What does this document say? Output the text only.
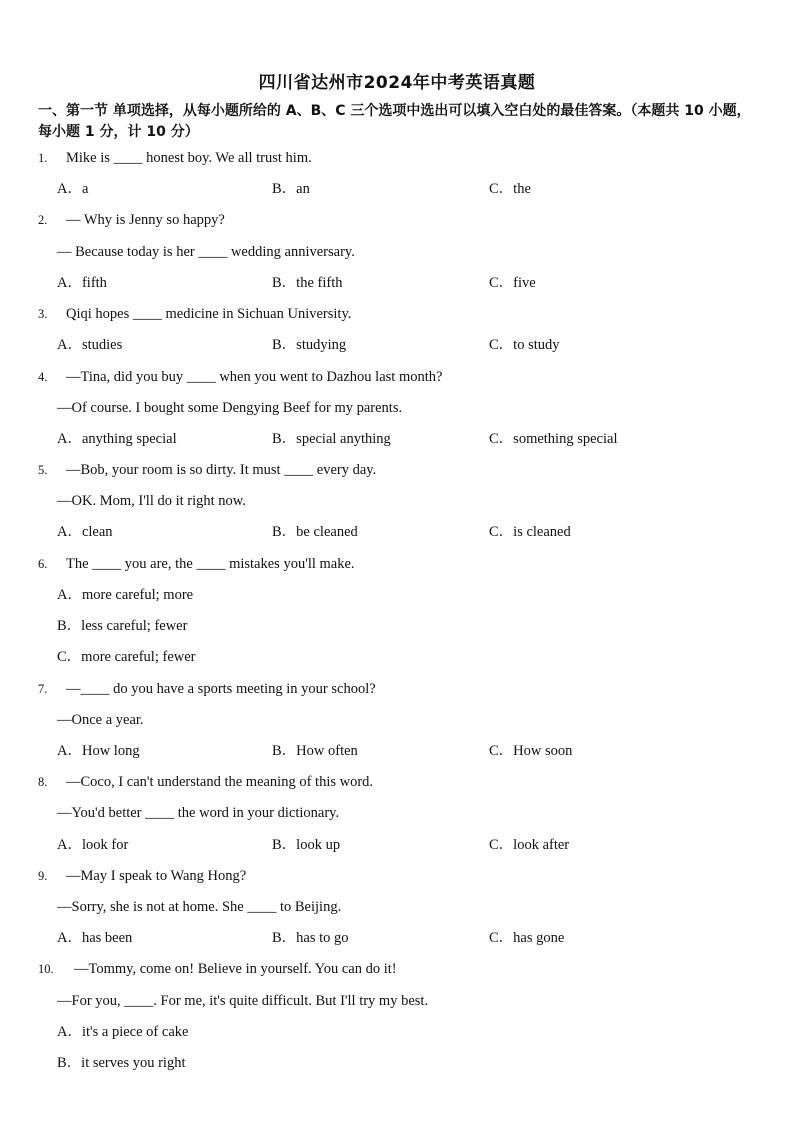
四川省达州市2024年中考英语真题
一、第一节 单项选择，从每小题所给的 A、B、C 三个选项中选出可以填入空白处的最佳答案。（本题共 10 小题，每小题 1 分，计 10 分）
1. Mike is ____ honest boy. We all trust him.
A．a	B．an	C．the
2. — Why is Jenny so happy?
— Because today is her ____ wedding anniversary.
A．fifth	B．the fifth	C．five
3. Qiqi hopes ____ medicine in Sichuan University.
A．studies	B．studying	C．to study
4. —Tina, did you buy ____ when you went to Dazhou last month?
—Of course. I bought some Dengying Beef for my parents.
A．anything special	B．special anything	C．something special
5. —Bob, your room is so dirty. It must ____ every day.
—OK. Mom, I'll do it right now.
A．clean	B．be cleaned	C．is cleaned
6. The ____ you are, the ____ mistakes you'll make.
A．more careful; more
B．less careful; fewer
C．more careful; fewer
7. —____ do you have a sports meeting in your school?
—Once a year.
A．How long	B．How often	C．How soon
8. —Coco, I can't understand the meaning of this word.
—You'd better ____ the word in your dictionary.
A．look for	B．look up	C．look after
9. —May I speak to Wang Hong?
—Sorry, she is not at home. She ____ to Beijing.
A．has been	B．has to go	C．has gone
10. —Tommy, come on! Believe in yourself. You can do it!
—For you, ____. For me, it's quite difficult. But I'll try my best.
A．it's a piece of cake
B．it serves you right
